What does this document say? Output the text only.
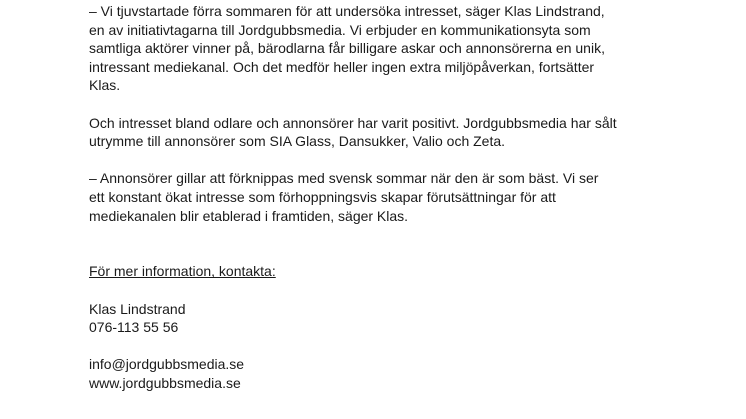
– Vi tjuvstartade förra sommaren för att undersöka intresset, säger Klas Lindstrand,
en av initiativtagarna till Jordgubbsmedia. Vi erbjuder en kommunikationsyta som
samtliga aktörer vinner på, bärodlarna får billigare askar och annonsörerna en unik,
intressant mediekanal. Och det medför heller ingen extra miljöpåverkan, fortsätter
Klas.

Och intresset bland odlare och annonsörer har varit positivt. Jordgubbsmedia har sålt
utrymme till annonsörer som SIA Glass, Dansukker, Valio och Zeta.

– Annonsörer gillar att förknippas med svensk sommar när den är som bäst. Vi ser
ett konstant ökat intresse som förhoppningsvis skapar förutsättningar för att
mediekanalen blir etablerad i framtiden, säger Klas.

För mer information, kontakta:

Klas Lindstrand
076-113 55 56
info@jordgubbsmedia.se
www.jordgubbsmedia.se
